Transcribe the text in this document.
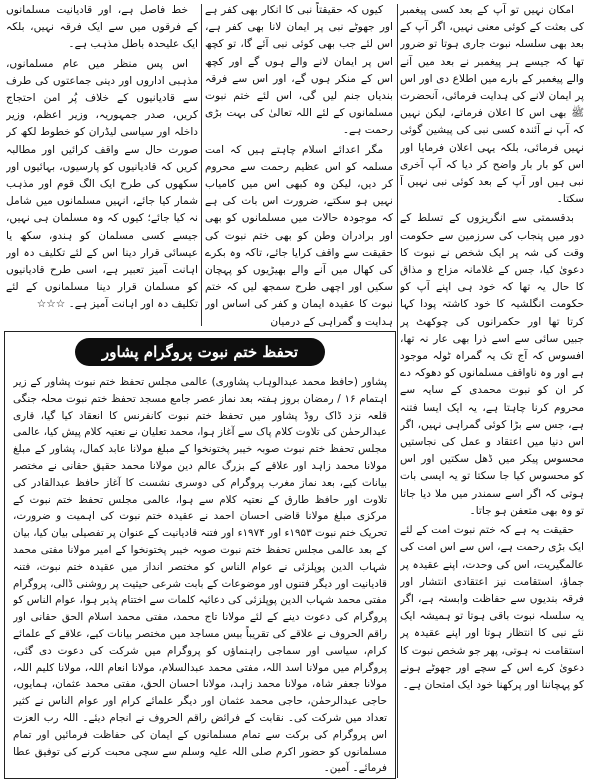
امکان نہیں تو آپ کے بعد کسی پیغمبر کی بعثت کے کوئی معنی نہیں، اگر آپ کے بعد بھی سلسلہ نبوت جاری ہوتا تو ضرور تھا کہ جیسے ہر پیغمبر نے بعد میں آنے والے پیغمبر کے بارے میں اطلاع دی اور اس پر ایمان لانے کی ہدایت فرمائی، آنحضرت ﷺ بھی اس کا اعلان فرماتے، لیکن نہیں کہ آپ نے آئندہ کسی نبی کی پیشین گوئی نہیں فرمائی، بلکہ یہی اعلان فرمایا اور اس کو بار بار واضح کر دیا کہ آپ آخری نبی ہیں اور آپ کے بعد کوئی نبی نہیں آ سکتا۔

بدقسمتی سے انگریزوں کے تسلط کے دور میں پنجاب کی سرزمین سے حکومت وقت کی شہ پر ایک شخص نے نبوت کا دعویٰ کیا، جس کے غلامانہ مزاج و مذاق کا حال یہ تھا کہ خود ہی اپنے آپ کو حکومت انگلشیہ کا خود کاشتہ پودا کہا کرتا تھا اور حکمرانوں کی چوکھٹ پر جبیں سائی سے اسے ذرا بھی عار نہ تھا، افسوس کہ آج تک یہ گمراہ ٹولہ موجود ہے اور وہ ناواقف مسلمانوں کو دھوکہ دے کر ان کو نبوت محمدی کے سایہ سے محروم کرنا چاہتا ہے، یہ ایک ایسا فتنہ ہے، جس سے بڑا کوئی گمراہی نہیں، اگر اس دنیا میں اعتقاد و عمل کی نجاستیں محسوس پیکر میں ڈھل سکتیں اور اس کو محسوس کیا جا سکتا تو یہ ایسی بات ہوتی کہ اگر اسے سمندر میں ملا دیا جاتا تو وہ بھی متعفن ہو جاتا۔

حقیقت یہ ہے کہ ختم نبوت امت کے لئے ایک بڑی رحمت ہے، اس سے اس امت کی عالمگیریت، اس کی وحدت، اپنے عقیدہ پر جماؤ، استقامت نیز اعتقادی انتشار اور فرقہ بندیوں سے حفاظت وابستہ ہے، اگر یہ سلسلہ نبوت باقی ہوتا تو ہمیشہ ایک نئے نبی کا انتظار ہوتا اور اپنے عقیدہ پر استقامت نہ ہوتی، پھر جو شخص نبوت کا دعویٰ کرے اس کے سچے اور جھوٹے ہونے کو پہچاننا اور پرکھنا خود ایک امتحان ہے۔

کیوں کہ حقیقتاً نبی کا انکار بھی کفر ہے اور جھوٹے نبی پر ایمان لانا بھی کفر ہے، اس لئے جب بھی کوئی نبی آئے گا، تو کچھ اس پر ایمان لانے والے ہوں گے اور کچھ اس کے منکر ہوں گے، اور اس سے فرقہ بندیاں جنم لیں گی، اس لئے ختم نبوت مسلمانوں کے لئے اللہ تعالیٰ کی بہت بڑی رحمت ہے۔

مگر اعدائے اسلام چاہتے ہیں کہ امت مسلمہ کو اس عظیم رحمت سے محروم کر دیں، لیکن وہ کبھی اس میں کامیاب نہیں ہو سکتے، ضرورت اس بات کی ہے کہ موجودہ حالات میں مسلمانوں کو بھی اور برادران وطن کو بھی ختم نبوت کی حقیقت سے واقف کرایا جائے، تاکہ وہ بکرے کی کھال میں آنے والے بھیڑیوں کو پہچان سکیں اور اچھی طرح سمجھ لیں کہ ختم نبوت کا عقیدہ ایمان و کفر کی اساس اور ہدایت و گمراہی کے درمیان

خط فاصل ہے، اور قادیانیت مسلمانوں کے فرقوں میں سے ایک فرقہ نہیں، بلکہ ایک علیحدہ باطل مذہب ہے۔

اس پس منظر میں عام مسلمانوں، مذہبی اداروں اور دینی جماعتوں کی طرف سے قادیانیوں کے خلاف پُر امن احتجاج کریں، صدر جمہوریہ، وزیر اعظم، وزیر داخلہ اور سیاسی لیڈران کو خطوط لکھ کر صورت حال سے واقف کرائیں اور مطالبہ کریں کہ قادیانیوں کو پارسیوں، بہائیوں اور سکھوں کی طرح ایک الگ قوم اور مذہب شمار کیا جائے، انہیں مسلمانوں میں شامل نہ کیا جائے؛ کیوں کہ وہ مسلمان ہی نہیں، جیسے کسی مسلمان کو ہندو، سکھ یا عیسائی قرار دینا اس کے لئے تکلیف دہ اور اہانت آمیز تعبیر ہے، اسی طرح قادیانیوں کو مسلمان قرار دینا مسلمانوں کے لئے تکلیف دہ اور اہانت آمیز ہے۔ ☆☆☆

تحفظ ختم نبوت پروگرام پشاور
پشاور (حافظ محمد عبدالوہاب پشاوری) عالمی مجلس تحفظ ختم نبوت پشاور کے زیر اہتمام ۱۶ / رمضان بروز ہفتہ بعد نماز عصر جامع مسجد تحفظ ختم نبوت محلہ جنگی قلعہ نزد ڈاک روڈ پشاور میں تحفظ ختم نبوت کانفرنس کا انعقاد کیا گیا، قاری عبدالرحمٰن کی تلاوت کلام پاک سے آغاز ہوا، محمد تعلیان نے نعتیہ کلام پیش کیا، عالمی مجلس تحفظ ختم نبوت صوبہ خیبر پختونخوا کے مبلغ مولانا عابد کمال، پشاور کے مبلغ مولانا محمد زاہد اور علاقے کے بزرگ عالم دین مولانا محمد حقیق حقانی نے مختصر بیانات کیے، بعد نماز مغرب پروگرام کی دوسری نشست کا آغاز حافظ عبدالقادر کی تلاوت اور حافظ طارق کے نعتیہ کلام سے ہوا، عالمی مجلس تحفظ ختم نبوت کے مرکزی مبلغ مولانا قاضی احسان احمد نے عقیدہ ختم نبوت کی اہمیت و ضرورت، تحریک ختم نبوت ۱۹۵۳ء اور ۱۹۷۴ء اور فتنہ قادیانیت کے عنوان پر تفصیلی بیان کیا، بیان کے بعد عالمی مجلس تحفظ ختم نبوت صوبہ خیبر پختونخوا کے امیر مولانا مفتی محمد شہاب الدین پوپلزئی نے عوام الناس کو مختصر انداز میں عقیدہ ختم نبوت، فتنہ قادیانیت اور دیگر فتنوں اور موضوعات کے بابت شرعی حیثیت پر روشنی ڈالی، پروگرام مفتی محمد شہاب الدین پوپلزئی کی دعائیہ کلمات سے اختتام پذیر ہوا، عوام الناس کو پروگرام کی دعوت دینے کے لئے مولانا تاج محمد، مفتی محمد اسلام الحق حقانی اور راقم الحروف نے علاقے کی تقریباً بیس مساجد میں مختصر بیانات کیے، علاقے کے علمائے کرام، سیاسی اور سماجی راہنماؤں کو پروگرام میں شرکت کی دعوت دی گئی، پروگرام میں مولانا اسد اللہ، مفتی محمد عبدالسلام، مولانا انعام اللہ، مولانا کلیم اللہ، مولانا جعفر شاہ، مولانا محمد زاہد، مولانا احسان الحق، مفتی محمد عثمان، ہمایوں، حاجی عبدالرحمٰن، حاجی محمد عثمان اور دیگر علمائے کرام اور عوام الناس نے کثیر تعداد میں شرکت کی۔ نقابت کے فرائض راقم الحروف نے انجام دیئے۔ اللہ رب العزت اس پروگرام کی برکت سے تمام مسلمانوں کے ایمان کی حفاظت فرمائیں اور تمام مسلمانوں کو حضور اکرم صلی اللہ علیہ وسلم سے سچی محبت کرنے کی توفیق عطا فرمائے۔ آمین۔
